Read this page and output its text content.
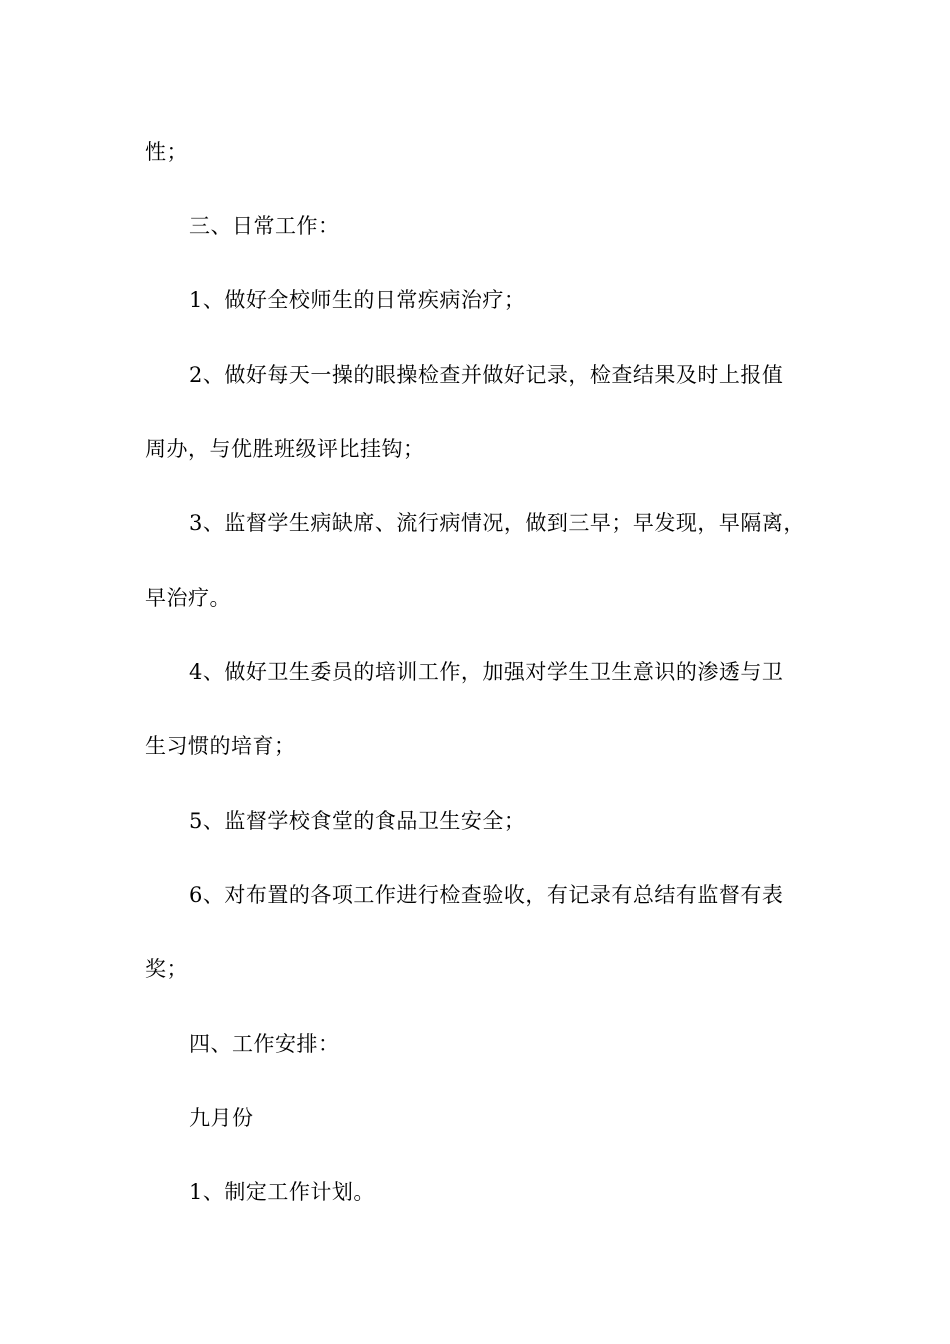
性；
三、日常工作：
1、做好全校师生的日常疾病治疗；
2、做好每天一操的眼操检查并做好记录，检查结果及时上报值
周办，与优胜班级评比挂钩；
3、监督学生病缺席、流行病情况，做到三早；早发现，早隔离，
早治疗。
4、做好卫生委员的培训工作，加强对学生卫生意识的渗透与卫
生习惯的培育；
5、监督学校食堂的食品卫生安全；
6、对布置的各项工作进行检查验收，有记录有总结有监督有表
奖；
四、工作安排：
九月份
1、制定工作计划。
